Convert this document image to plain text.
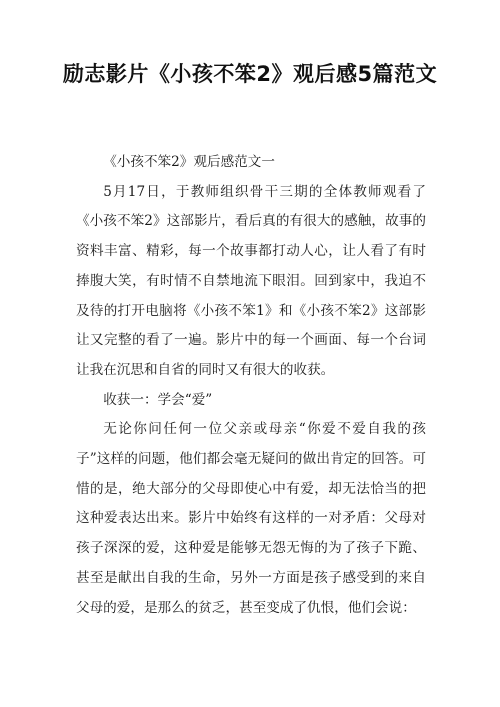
励志影片《小孩不笨2》观后感5篇范文

《小孩不笨2》观后感范文一

5月17日，于教师组织骨干三期的全体教师观看了《小孩不笨2》这部影片，看后真的有很大的感触，故事的资料丰富、精彩，每一个故事都打动人心，让人看了有时捧腹大笑，有时情不自禁地流下眼泪。回到家中，我迫不及待的打开电脑将《小孩不笨1》和《小孩不笨2》这部影让又完整的看了一遍。影片中的每一个画面、每一个台词让我在沉思和自省的同时又有很大的收获。

收获一：学会“爱”

无论你问任何一位父亲或母亲“你爱不爱自我的孩子”这样的问题，他们都会毫无疑问的做出肯定的回答。可惜的是，绝大部分的父母即使心中有爱，却无法恰当的把这种爱表达出来。影片中始终有这样的一对矛盾：父母对孩子深深的爱，这种爱是能够无怨无悔的为了孩子下跪、甚至是献出自我的生命，另外一方面是孩子感受到的来自父母的爱，是那么的贫乏，甚至变成了仇恨，他们会说：
